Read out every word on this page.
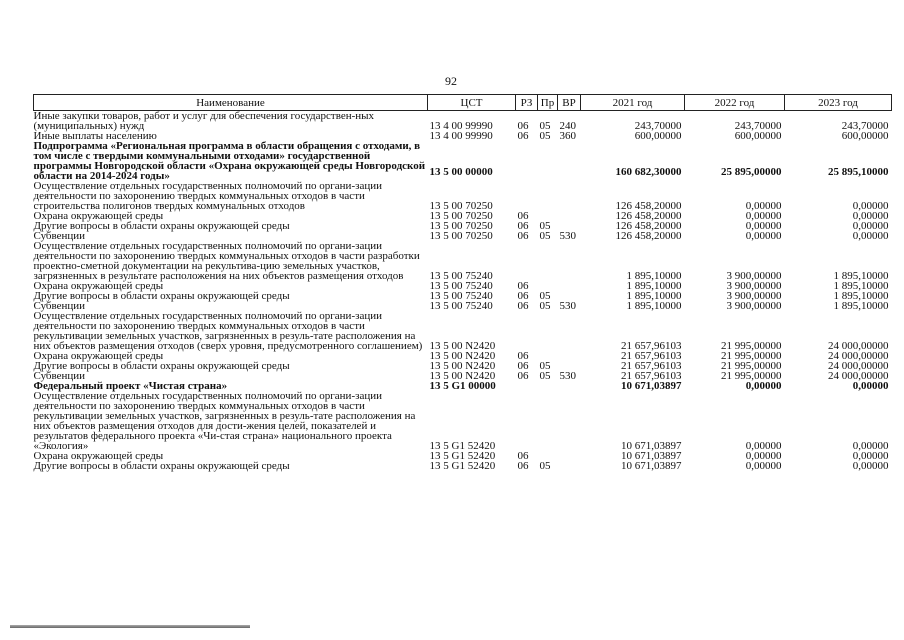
92
Наименование	ЦСТ	РЗ	Пр	ВР	2021 год	2022 год	2023 год
Иные закупки товаров, работ и услуг для обеспечения государствен-ных (муниципальных) нужд	13 4 00 99990	06	05	240	243,70000	243,70000	243,70000
Иные выплаты населению	13 4 00 99990	06	05	360	600,00000	600,00000	600,00000
Подпрограмма «Региональная программа в области обращения с отходами, в том числе с твердыми коммунальными отходами» государственной программы Новгородской области «Охрана окружающей среды Новгородской области на 2014-2024 годы»	13 5 00 00000				160 682,30000	25 895,00000	25 895,10000
Осуществление отдельных государственных полномочий по органи-зации деятельности по захоронению твердых коммунальных отходов в части строительства полигонов твердых коммунальных отходов	13 5 00 70250				126 458,20000	0,00000	0,00000
Охрана окружающей среды	13 5 00 70250	06			126 458,20000	0,00000	0,00000
Другие вопросы в области охраны окружающей среды	13 5 00 70250	06	05		126 458,20000	0,00000	0,00000
Субвенции	13 5 00 70250	06	05	530	126 458,20000	0,00000	0,00000
Осуществление отдельных государственных полномочий по органи-зации деятельности по захоронению твердых коммунальных отходов в части разработки проектно-сметной документации на рекультива-цию земельных участков, загрязненных в результате расположения на них объектов размещения отходов	13 5 00 75240				1 895,10000	3 900,00000	1 895,10000
Охрана окружающей среды	13 5 00 75240	06			1 895,10000	3 900,00000	1 895,10000
Другие вопросы в области охраны окружающей среды	13 5 00 75240	06	05		1 895,10000	3 900,00000	1 895,10000
Субвенции	13 5 00 75240	06	05	530	1 895,10000	3 900,00000	1 895,10000
Осуществление отдельных государственных полномочий по органи-зации деятельности по захоронению твердых коммунальных отходов в части рекультивации земельных участков, загрязненных в резуль-тате расположения на них объектов размещения отходов (сверх уровня, предусмотренного соглашением)	13 5 00 N2420				21 657,96103	21 995,00000	24 000,00000
Охрана окружающей среды	13 5 00 N2420	06			21 657,96103	21 995,00000	24 000,00000
Другие вопросы в области охраны окружающей среды	13 5 00 N2420	06	05		21 657,96103	21 995,00000	24 000,00000
Субвенции	13 5 00 N2420	06	05	530	21 657,96103	21 995,00000	24 000,00000
Федеральный проект «Чистая страна»	13 5 G1 00000				10 671,03897	0,00000	0,00000
Осуществление отдельных государственных полномочий по органи-зации деятельности по захоронению твердых коммунальных отходов в части рекультивации земельных участков, загрязненных в резуль-тате расположения на них объектов размещения отходов для дости-жения целей, показателей и результатов федерального проекта «Чи-стая страна» национального проекта «Экология»	13 5 G1 52420				10 671,03897	0,00000	0,00000
Охрана окружающей среды	13 5 G1 52420	06			10 671,03897	0,00000	0,00000
Другие вопросы в области охраны окружающей среды	13 5 G1 52420	06	05		10 671,03897	0,00000	0,00000
